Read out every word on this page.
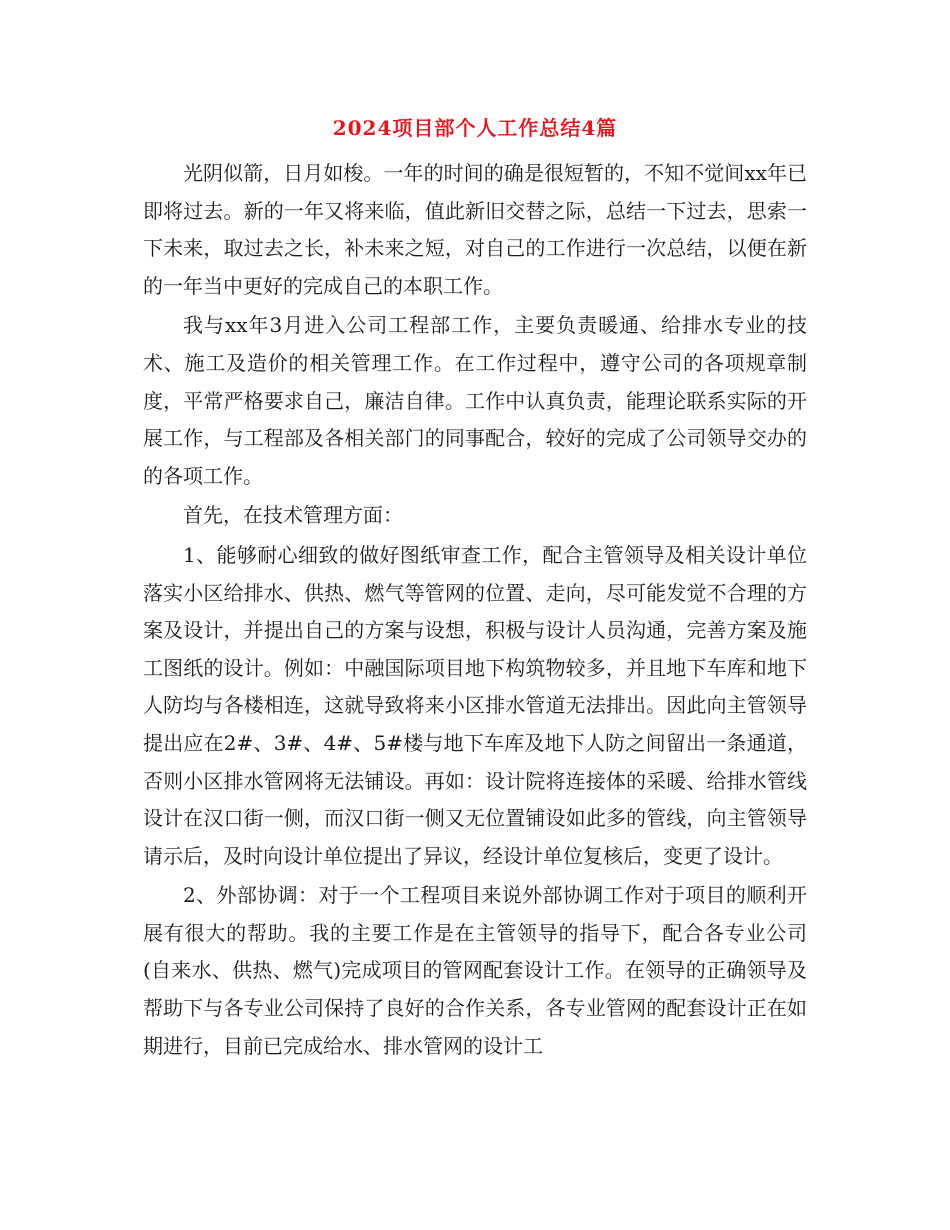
2024项目部个人工作总结4篇

光阴似箭，日月如梭。一年的时间的确是很短暂的，不知不觉间xx年已即将过去。新的一年又将来临，值此新旧交替之际，总结一下过去，思索一下未来，取过去之长，补未来之短，对自己的工作进行一次总结，以便在新的一年当中更好的完成自己的本职工作。

我与xx年3月进入公司工程部工作，主要负责暖通、给排水专业的技术、施工及造价的相关管理工作。在工作过程中，遵守公司的各项规章制度，平常严格要求自己，廉洁自律。工作中认真负责，能理论联系实际的开展工作，与工程部及各相关部门的同事配合，较好的完成了公司领导交办的的各项工作。

首先，在技术管理方面：

1、能够耐心细致的做好图纸审查工作，配合主管领导及相关设计单位落实小区给排水、供热、燃气等管网的位置、走向，尽可能发觉不合理的方案及设计，并提出自己的方案与设想，积极与设计人员沟通，完善方案及施工图纸的设计。例如：中融国际项目地下构筑物较多，并且地下车库和地下人防均与各楼相连，这就导致将来小区排水管道无法排出。因此向主管领导提出应在2#、3#、4#、5#楼与地下车库及地下人防之间留出一条通道，否则小区排水管网将无法铺设。再如：设计院将连接体的采暖、给排水管线设计在汉口街一侧，而汉口街一侧又无位置铺设如此多的管线，向主管领导请示后，及时向设计单位提出了异议，经设计单位复核后，变更了设计。

2、外部协调：对于一个工程项目来说外部协调工作对于项目的顺利开展有很大的帮助。我的主要工作是在主管领导的指导下，配合各专业公司(自来水、供热、燃气)完成项目的管网配套设计工作。在领导的正确领导及帮助下与各专业公司保持了良好的合作关系，各专业管网的配套设计正在如期进行，目前已完成给水、排水管网的设计工
